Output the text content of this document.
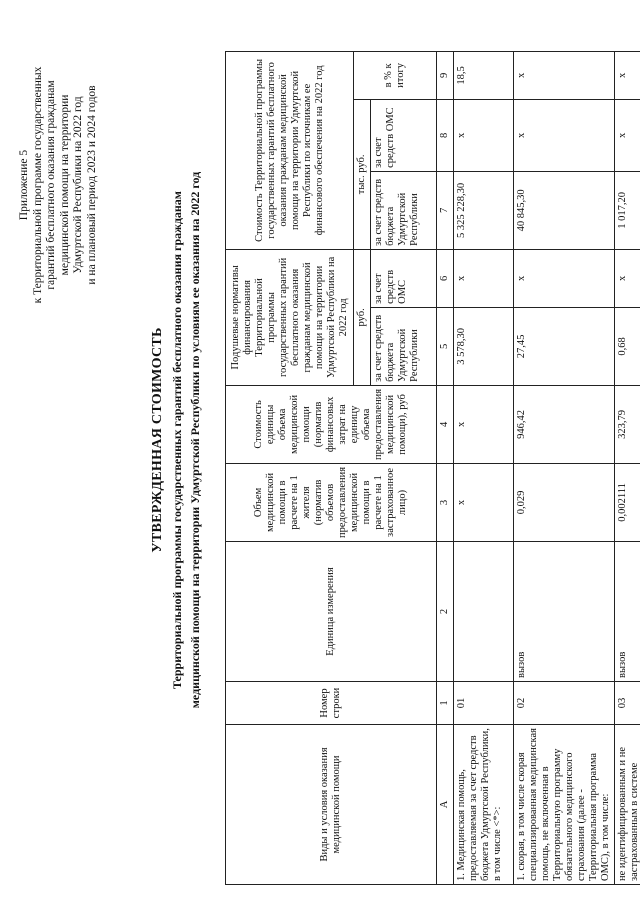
Приложение 5 к Территориальной программе государственных гарантий бесплатного оказания гражданам медицинской помощи на территории Удмуртской Республики на 2022 год и на плановый период 2023 и 2024 годов
УТВЕРЖДЕННАЯ СТОИМОСТЬ Территориальной программы государственных гарантий бесплатного оказания гражданам медицинской помощи на территории Удмуртской Республики по условиям ее оказания на 2022 год
Виды и условия оказания медицинской помощи	Номер строки	Единица измерения	Объем медицинской помощи в расчете на 1 жителя (норматив объемов предоставления медицинской помощи в расчете на 1 застрахованное лицо)	Стоимость единицы объема медицинской помощи (норматив финансовых затрат на единицу объема предоставления медицинской помощи), руб	Подушевые нормативы финансирования Территориальной программы государственных гарантий бесплатного оказания гражданам медицинской помощи на территории Удмуртской Республики на 2022 год		Стоимость Территориальной программы государственных гарантий бесплатного оказания гражданам медицинской помощи на территории Удмуртской Республики по источникам ее финансового обеспечения на 2022 год		
					руб.		тыс. руб.		в % к итогу
					за счет средств бюджета Удмуртской Республики	за счет средств ОМС	за счет средств бюджета Удмуртской Республики	за счет средств ОМС	
А	1	2	3	4	5	6	7	8	9
1. Медицинская помощь, предоставляемая за счет средств бюджета Удмуртской Республики, в том числе <*>:	01		х	х	3 578,30	х	5 325 228,30	х	18,5
1. скорая, в том числе скорая специализированная медицинская помощь, не включенная в Территориальную программу обязательного медицинского страхования (далее - Территориальная программа ОМС), в том числе:	02	вызов	0,029	946,42	27,45	х	40 845,30	х	х
не идентифицированным и не застрахованным в системе	03	вызов	0,002111	323,79	0,68	х	1 017,20	х	х
